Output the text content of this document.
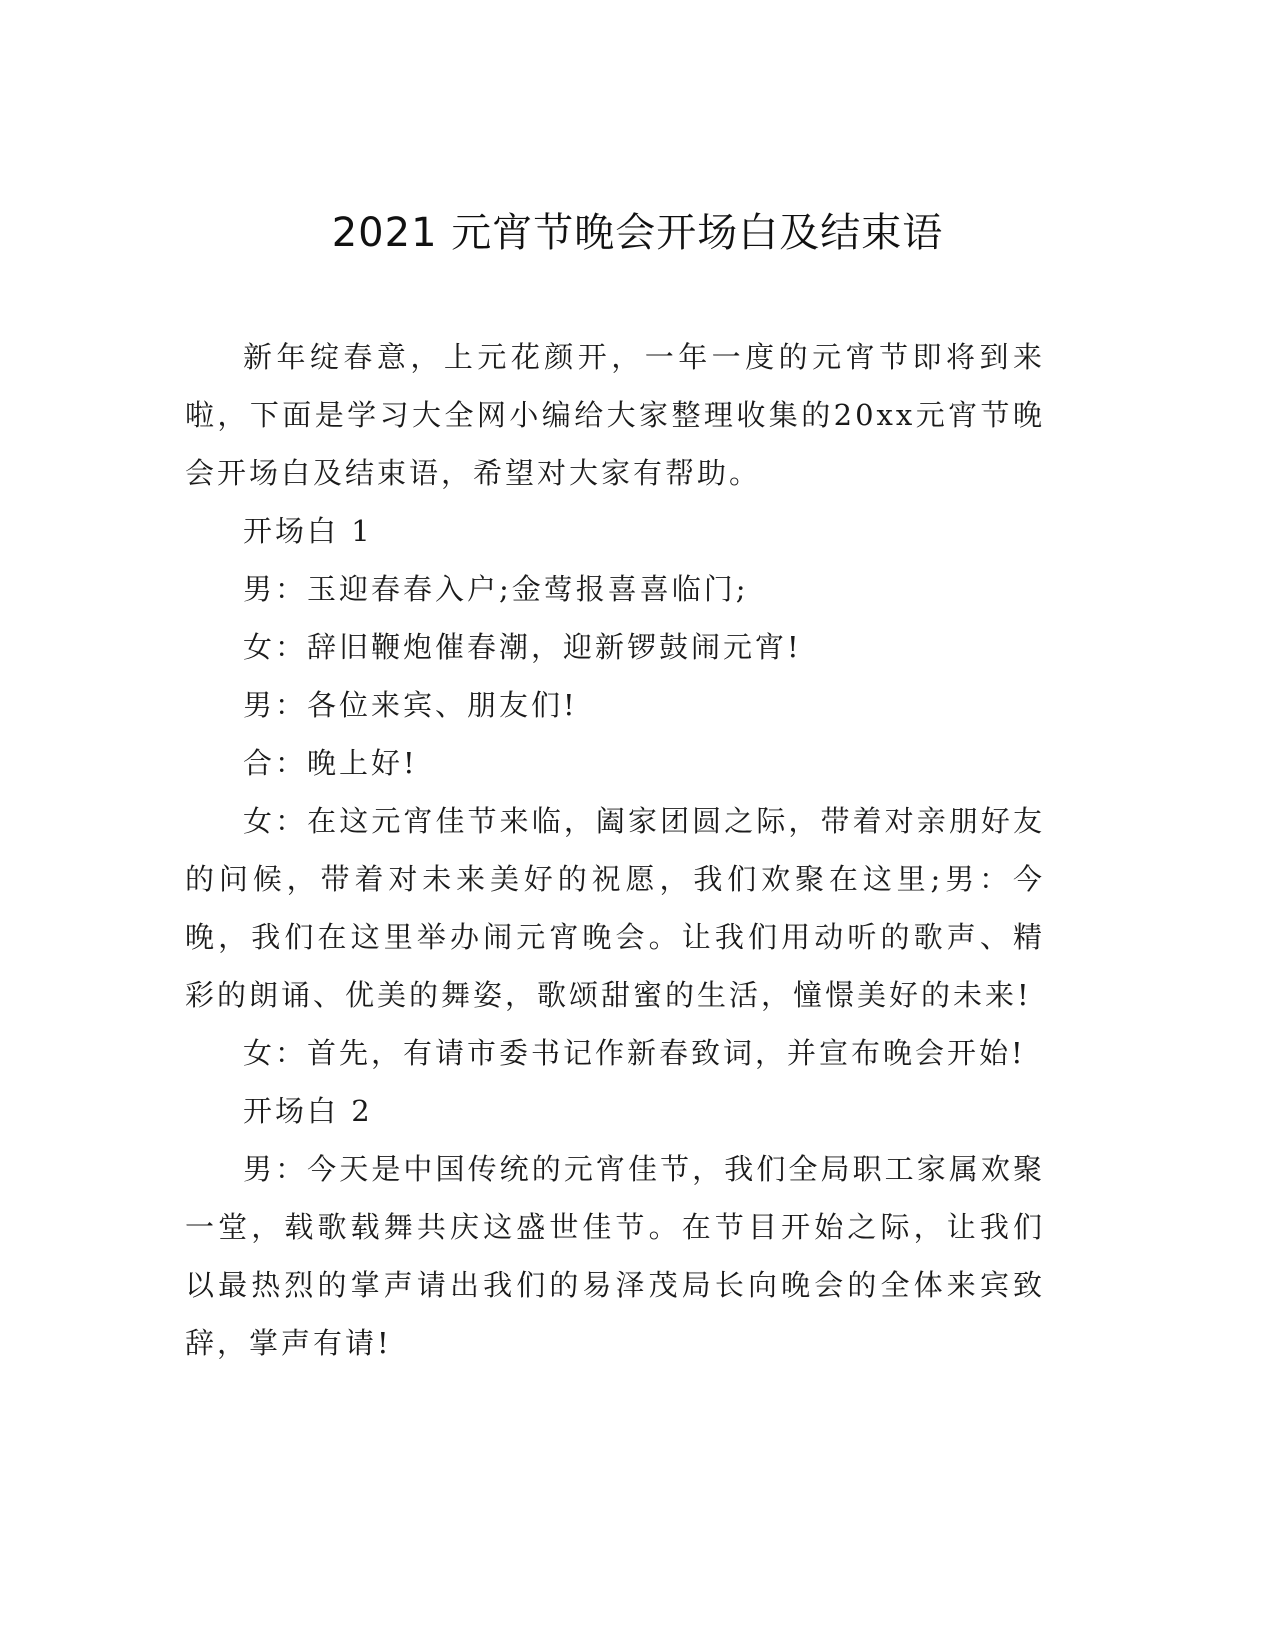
2021 元宵节晚会开场白及结束语

新年绽春意，上元花颜开，一年一度的元宵节即将到来啦，下面是学习大全网小编给大家整理收集的20xx元宵节晚会开场白及结束语，希望对大家有帮助。

开场白 1

男：玉迎春春入户;金莺报喜喜临门;

女：辞旧鞭炮催春潮，迎新锣鼓闹元宵!

男：各位来宾、朋友们!

合：晚上好!

女：在这元宵佳节来临，阖家团圆之际，带着对亲朋好友的问候，带着对未来美好的祝愿，我们欢聚在这里;男：今晚，我们在这里举办闹元宵晚会。让我们用动听的歌声、精彩的朗诵、优美的舞姿，歌颂甜蜜的生活，憧憬美好的未来!

女：首先，有请市委书记作新春致词，并宣布晚会开始!

开场白 2

男：今天是中国传统的元宵佳节，我们全局职工家属欢聚一堂，载歌载舞共庆这盛世佳节。在节目开始之际，让我们以最热烈的掌声请出我们的易泽茂局长向晚会的全体来宾致辞，掌声有请!
